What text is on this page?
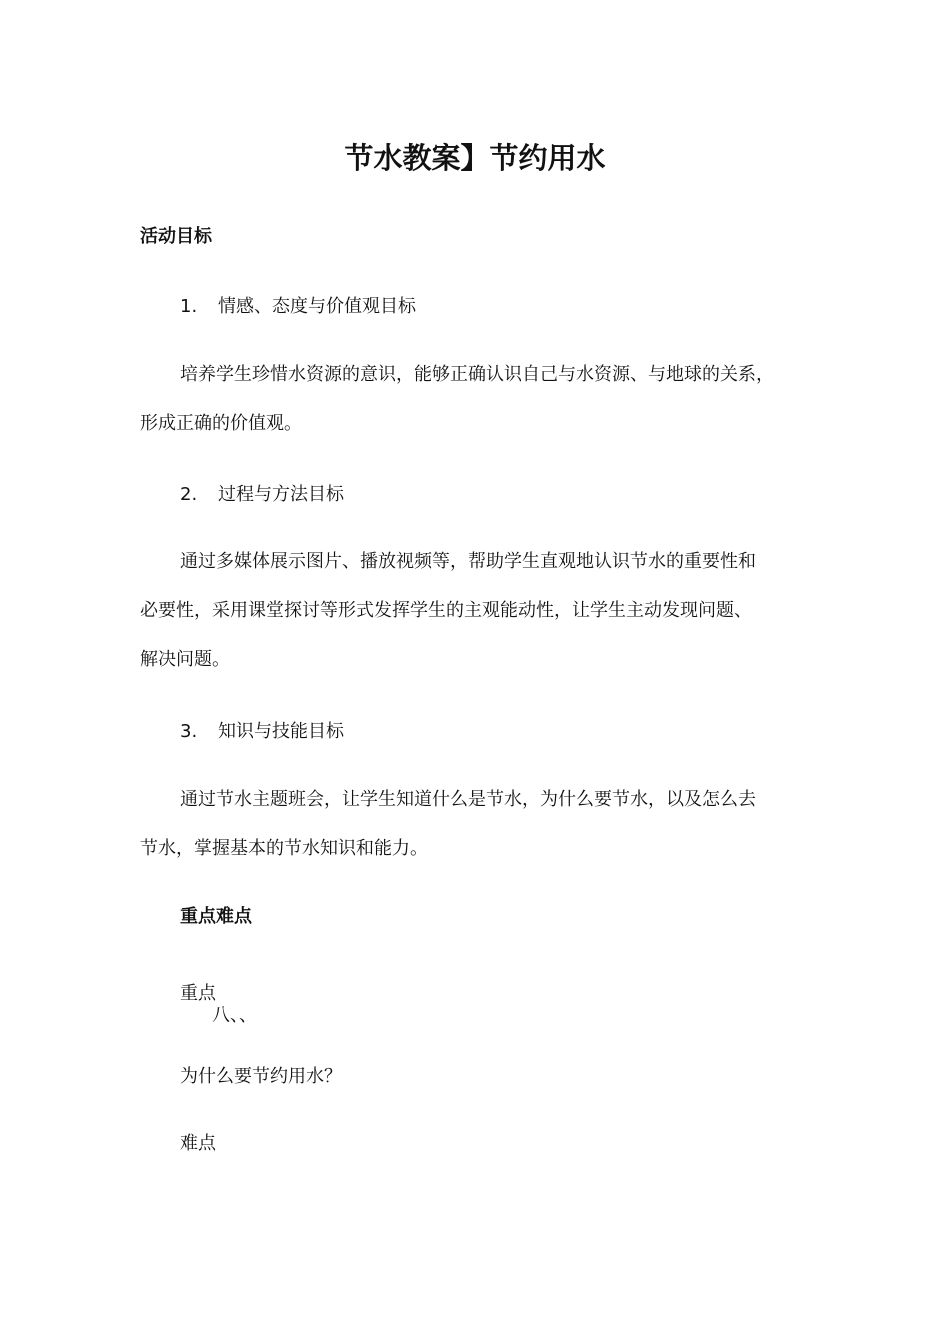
节水教案】节约用水
活动目标

1. 情感、态度与价值观目标

培养学生珍惜水资源的意识，能够正确认识自己与水资源、与地球的关系，
形成正确的价值观。

2. 过程与方法目标

通过多媒体展示图片、播放视频等，帮助学生直观地认识节水的重要性和
必要性，采用课堂探讨等形式发挥学生的主观能动性，让学生主动发现问题、
解决问题。

3. 知识与技能目标

通过节水主题班会，让学生知道什么是节水，为什么要节水，以及怎么去
节水，掌握基本的节水知识和能力。

重点难点

重点

八、、

为什么要节约用水？

难点
